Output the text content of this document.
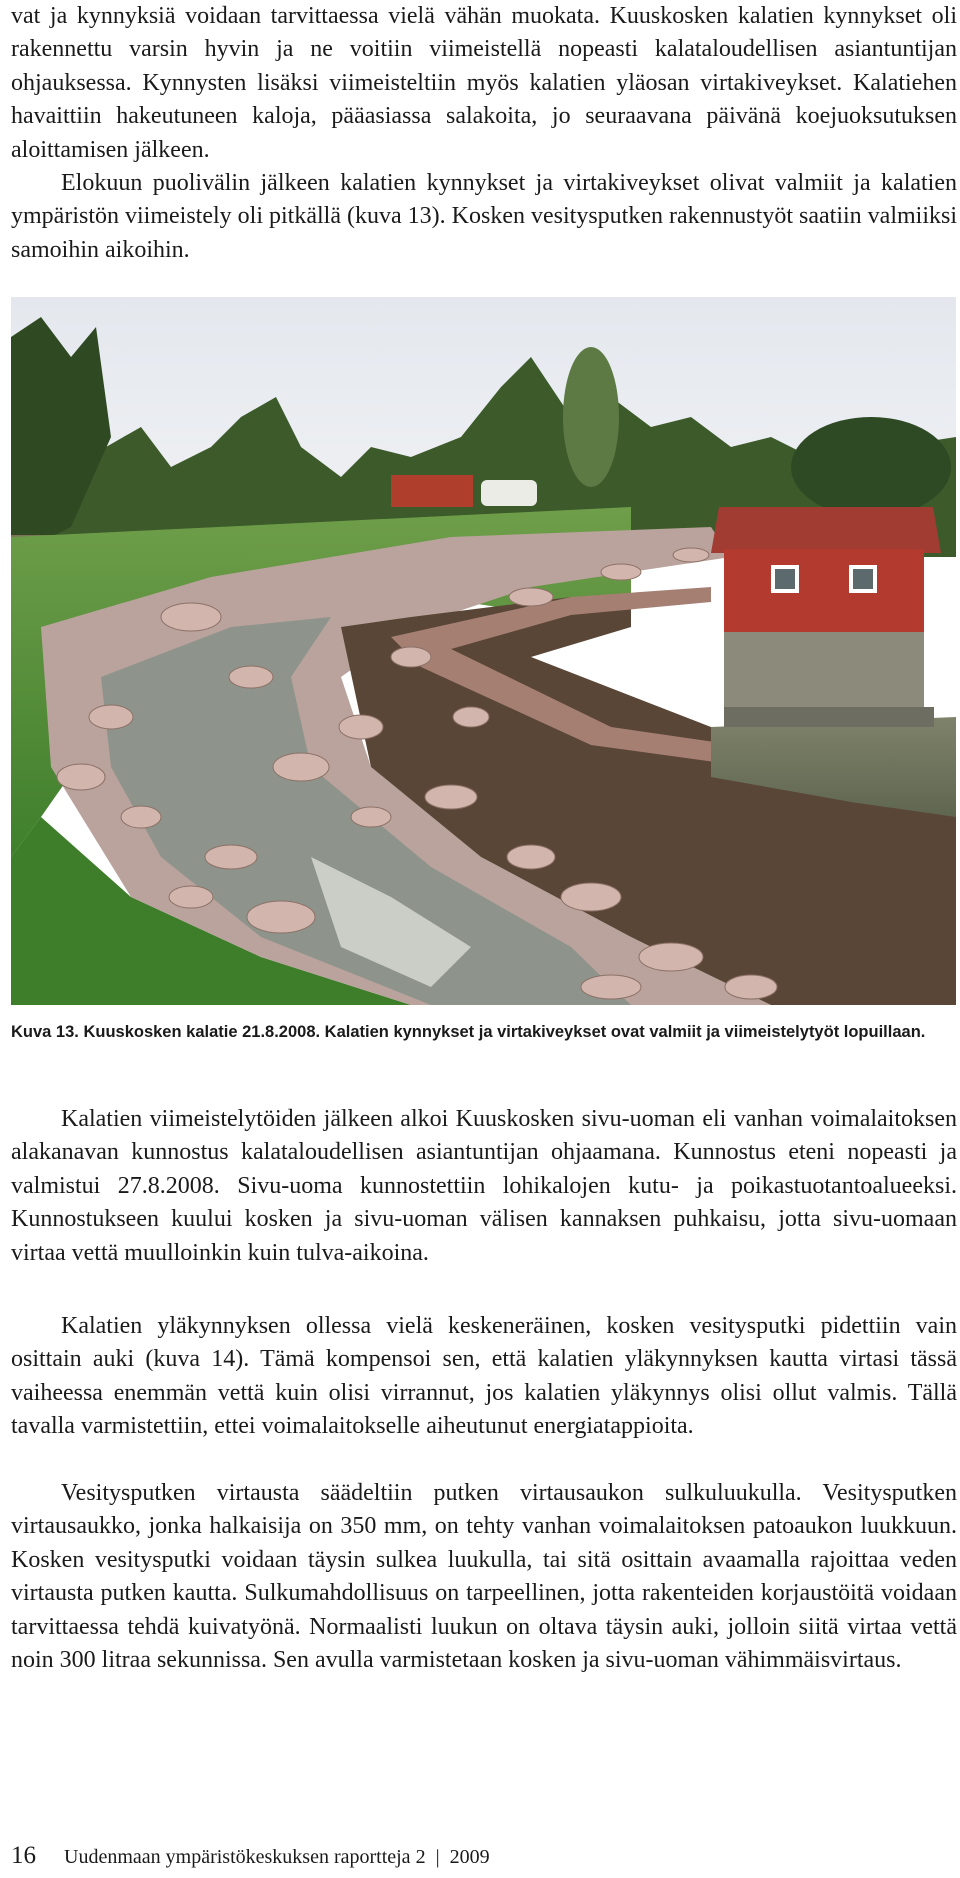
vat ja kynnyksiä voidaan tarvittaessa vielä vähän muokata. Kuuskosken kalatien kynnykset oli rakennettu varsin hyvin ja ne voitiin viimeistellä nopeasti kalataloudellisen asiantuntijan ohjauksessa. Kynnysten lisäksi viimeisteltiin myös kalatien yläosan virtakiveykset. Kalatiehen havaittiin hakeutuneen kaloja, pääasiassa salakoita, jo seuraavana päivänä koejuoksutuksen aloittamisen jälkeen.

Elokuun puolivälin jälkeen kalatien kynnykset ja virtakiveykset olivat valmiit ja kalatien ympäristön viimeistely oli pitkällä (kuva 13). Kosken vesitysputken rakennustyöt saatiin valmiiksi samoihin aikoihin.

Kuva 13. Kuuskosken kalatie 21.8.2008. Kalatien kynnykset ja virtakiveykset ovat valmiit ja viimeistelytyöt lopuillaan.

Kalatien viimeistelytöiden jälkeen alkoi Kuuskosken sivu-uoman eli vanhan voimalaitoksen alakanavan kunnostus kalataloudellisen asiantuntijan ohjaamana. Kunnostus eteni nopeasti ja valmistui 27.8.2008. Sivu-uoma kunnostettiin lohikalojen kutu- ja poikastuotantoalueeksi. Kunnostukseen kuului kosken ja sivu-uoman välisen kannaksen puhkaisu, jotta sivu-uomaan virtaa vettä muulloinkin kuin tulva-aikoina.

Kalatien yläkynnyksen ollessa vielä keskeneräinen, kosken vesitysputki pidettiin vain osittain auki (kuva 14). Tämä kompensoi sen, että kalatien yläkynnyksen kautta virtasi tässä vaiheessa enemmän vettä kuin olisi virrannut, jos kalatien yläkynnys olisi ollut valmis. Tällä tavalla varmistettiin, ettei voimalaitokselle aiheutunut energiatappioita.

Vesitysputken virtausta säädeltiin putken virtausaukon sulkuluukulla. Vesitysputken virtausaukko, jonka halkaisija on 350 mm, on tehty vanhan voimalaitoksen patoaukon luukkuun. Kosken vesitysputki voidaan täysin sulkea luukulla, tai sitä osittain avaamalla rajoittaa veden virtausta putken kautta. Sulkumahdollisuus on tarpeellinen, jotta rakenteiden korjaustöitä voidaan tarvittaessa tehdä kuivatyönä. Normaalisti luukun on oltava täysin auki, jolloin siitä virtaa vettä noin 300 litraa sekunnissa. Sen avulla varmistetaan kosken ja sivu-uoman vähimmäisvirtaus.

16 Uudenmaan ympäristökeskuksen raportteja 2 | 2009
